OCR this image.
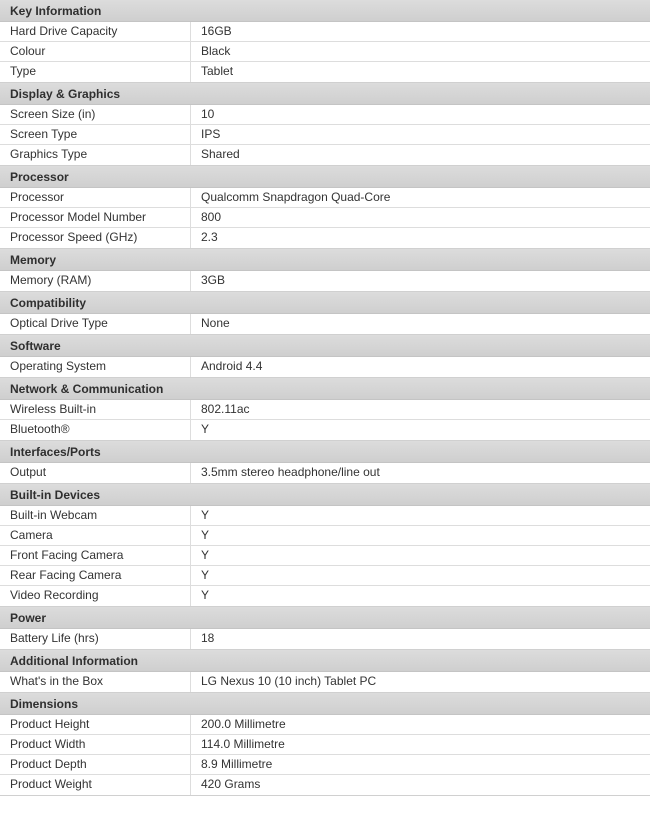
Key Information
Hard Drive Capacity	16GB
Colour	Black
Type	Tablet
Display & Graphics
Screen Size (in)	10
Screen Type	IPS
Graphics Type	Shared
Processor
Processor	Qualcomm Snapdragon Quad-Core
Processor Model Number	800
Processor Speed (GHz)	2.3
Memory
Memory (RAM)	3GB
Compatibility
Optical Drive Type	None
Software
Operating System	Android 4.4
Network & Communication
Wireless Built-in	802.11ac
Bluetooth®	Y
Interfaces/Ports
Output	3.5mm stereo headphone/line out
Built-in Devices
Built-in Webcam	Y
Camera	Y
Front Facing Camera	Y
Rear Facing Camera	Y
Video Recording	Y
Power
Battery Life (hrs)	18
Additional Information
What's in the Box	LG Nexus 10 (10 inch) Tablet PC
Dimensions
Product Height	200.0 Millimetre
Product Width	114.0 Millimetre
Product Depth	8.9 Millimetre
Product Weight	420 Grams
